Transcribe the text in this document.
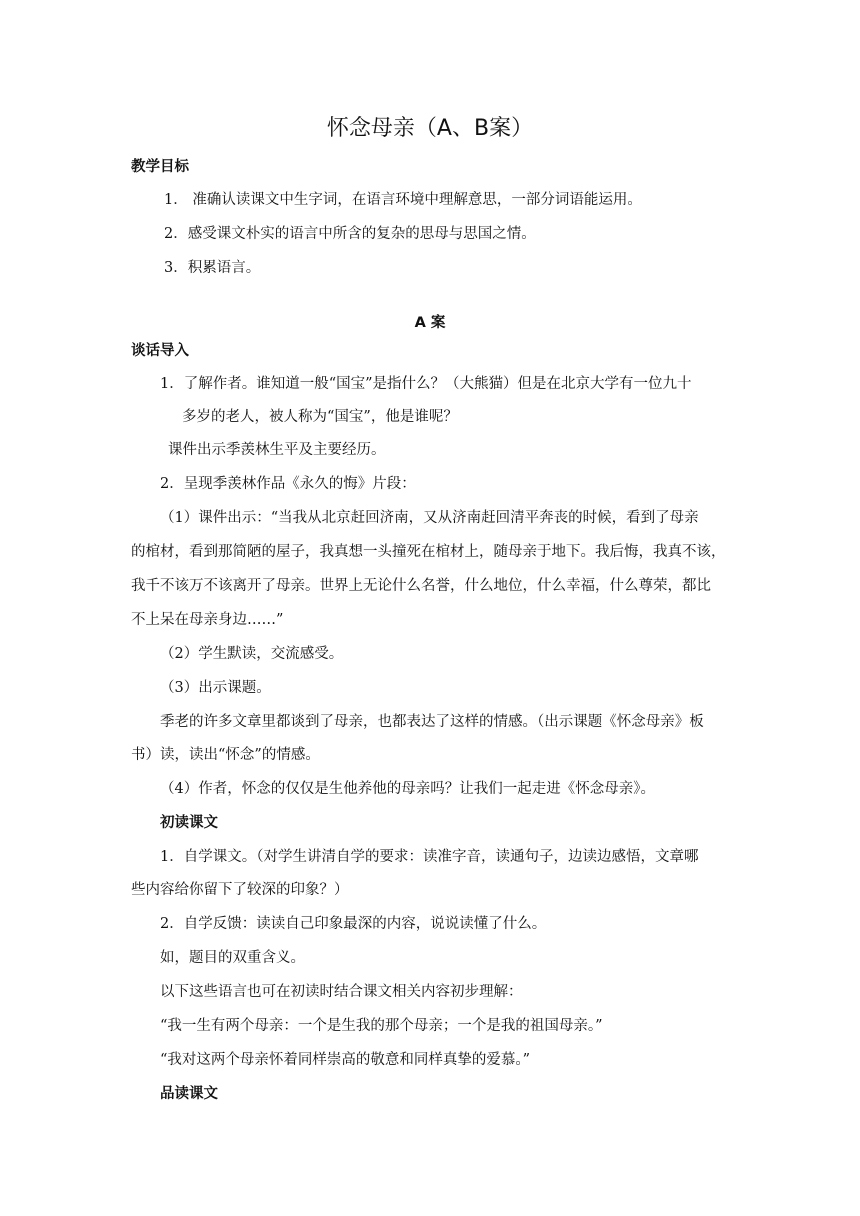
怀念母亲（A、B案）
教学目标
1． 准确认读课文中生字词，在语言环境中理解意思，一部分词语能运用。
2．感受课文朴实的语言中所含的复杂的思母与思国之情。
3．积累语言。
A 案
谈话导入
1．了解作者。谁知道一般“国宝”是指什么？（大熊猫）但是在北京大学有一位九十
多岁的老人，被人称为“国宝”，他是谁呢？
课件出示季羡林生平及主要经历。
2．呈现季羡林作品《永久的悔》片段：
（1）课件出示：“当我从北京赶回济南，又从济南赶回清平奔丧的时候，看到了母亲
的棺材，看到那简陋的屋子，我真想一头撞死在棺材上，随母亲于地下。我后悔，我真不该，
我千不该万不该离开了母亲。世界上无论什么名誉，什么地位，什么幸福，什么尊荣，都比
不上呆在母亲身边……”
（2）学生默读，交流感受。
（3）出示课题。
季老的许多文章里都谈到了母亲，也都表达了这样的情感。（出示课题《怀念母亲》板
书）读，读出“怀念”的情感。
（4）作者，怀念的仅仅是生他养他的母亲吗？让我们一起走进《怀念母亲》。
初读课文
1．自学课文。（对学生讲清自学的要求：读准字音，读通句子，边读边感悟，文章哪
些内容给你留下了较深的印象？）
2．自学反馈：读读自己印象最深的内容，说说读懂了什么。
如，题目的双重含义。
以下这些语言也可在初读时结合课文相关内容初步理解：
“我一生有两个母亲：一个是生我的那个母亲；一个是我的祖国母亲。”
“我对这两个母亲怀着同样崇高的敬意和同样真挚的爱慕。”
品读课文
